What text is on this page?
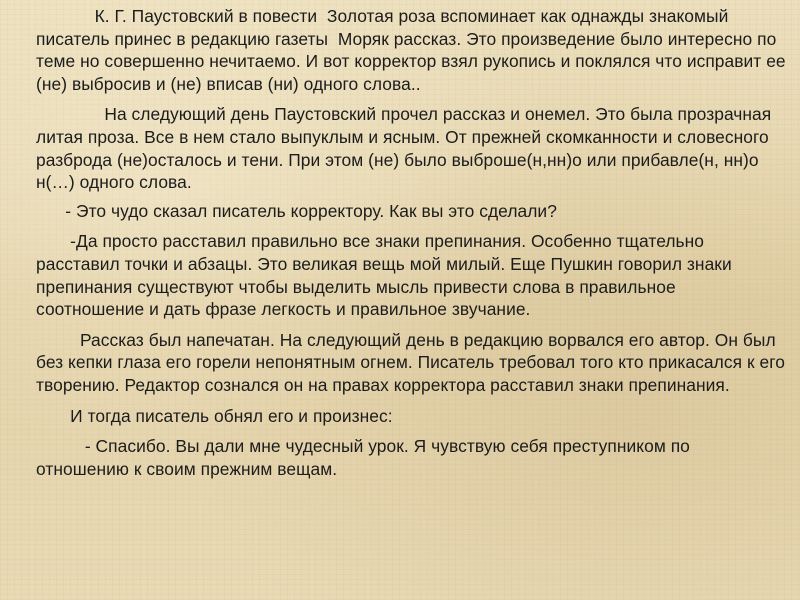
К. Г. Паустовский в повести  Золотая роза вспоминает как однажды знакомый писатель принес в редакцию газеты  Моряк рассказ. Это произведение было интересно по теме но совершенно нечитаемо. И вот корректор взял рукопись и поклялся что исправит ее (не) выбросив и (не) вписав (ни) одного слова..

На следующий день Паустовский прочел рассказ и онемел. Это была прозрачная литая проза. Все в нем стало выпуклым и ясным. От прежней скомканности и словесного разброда (не)осталось и тени. При этом (не) было выброше(н,нн)о или прибавле(н, нн)о н(…) одного слова.

- Это чудо сказал писатель корректору. Как вы это сделали?

-Да просто расставил правильно все знаки препинания. Особенно тщательно расставил точки и абзацы. Это великая вещь мой милый. Еще Пушкин говорил знаки препинания существуют чтобы выделить мысль привести слова в правильное соотношение и дать фразе легкость и правильное звучание.

Рассказ был напечатан. На следующий день в редакцию ворвался его автор. Он был без кепки глаза его горели непонятным огнем. Писатель требовал того кто прикасался к его творению. Редактор сознался он на правах корректора расставил знаки препинания.

И тогда писатель обнял его и произнес:

- Спасибо. Вы дали мне чудесный урок. Я чувствую себя преступником по отношению к своим прежним вещам.
